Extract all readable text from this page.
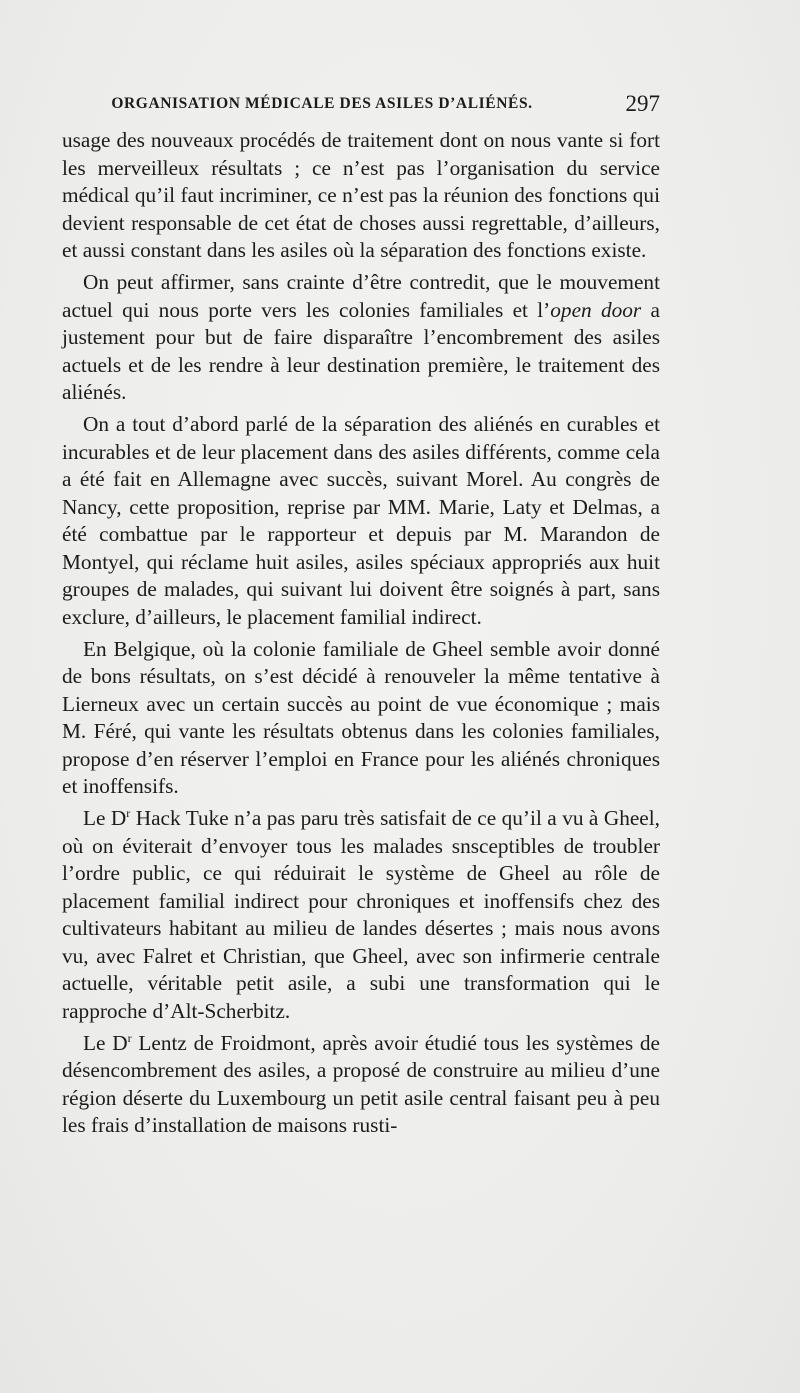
ORGANISATION MÉDICALE DES ASILES D’ALIÉNÉS.	297

usage des nouveaux procédés de traitement dont on nous vante si fort les merveilleux résultats ; ce n’est pas l’organisation du service médical qu’il faut incriminer, ce n’est pas la réunion des fonctions qui devient responsable de cet état de choses aussi regrettable, d’ailleurs, et aussi constant dans les asiles où la séparation des fonctions existe.

On peut affirmer, sans crainte d’être contredit, que le mouvement actuel qui nous porte vers les colonies familiales et l’open door a justement pour but de faire disparaître l’encombrement des asiles actuels et de les rendre à leur destination première, le traitement des aliénés.

On a tout d’abord parlé de la séparation des aliénés en curables et incurables et de leur placement dans des asiles différents, comme cela a été fait en Allemagne avec succès, suivant Morel. Au congrès de Nancy, cette proposition, reprise par MM. Marie, Laty et Delmas, a été combattue par le rapporteur et depuis par M. Marandon de Montyel, qui réclame huit asiles, asiles spéciaux appropriés aux huit groupes de malades, qui suivant lui doivent être soignés à part, sans exclure, d’ailleurs, le placement familial indirect.

En Belgique, où la colonie familiale de Gheel semble avoir donné de bons résultats, on s’est décidé à renouveler la même tentative à Lierneux avec un certain succès au point de vue économique ; mais M. Féré, qui vante les résultats obtenus dans les colonies familiales, propose d’en réserver l’emploi en France pour les aliénés chroniques et inoffensifs.

Le $D^r$ Hack Tuke n’a pas paru très satisfait de ce qu’il a vu à Gheel, où on éviterait d’envoyer tous les malades snsceptibles de troubler l’ordre public, ce qui réduirait le système de Gheel au rôle de placement familial indirect pour chroniques et inoffensifs chez des cultivateurs habitant au milieu de landes désertes ; mais nous avons vu, avec Falret et Christian, que Gheel, avec son infirmerie centrale actuelle, véritable petit asile, a subi une transformation qui le rapproche d’Alt-Scherbitz.

Le $D^r$ Lentz de Froidmont, après avoir étudié tous les systèmes de désencombrement des asiles, a proposé de construire au milieu d’une région déserte du Luxembourg un petit asile central faisant peu à peu les frais d’installation de maisons rusti-
